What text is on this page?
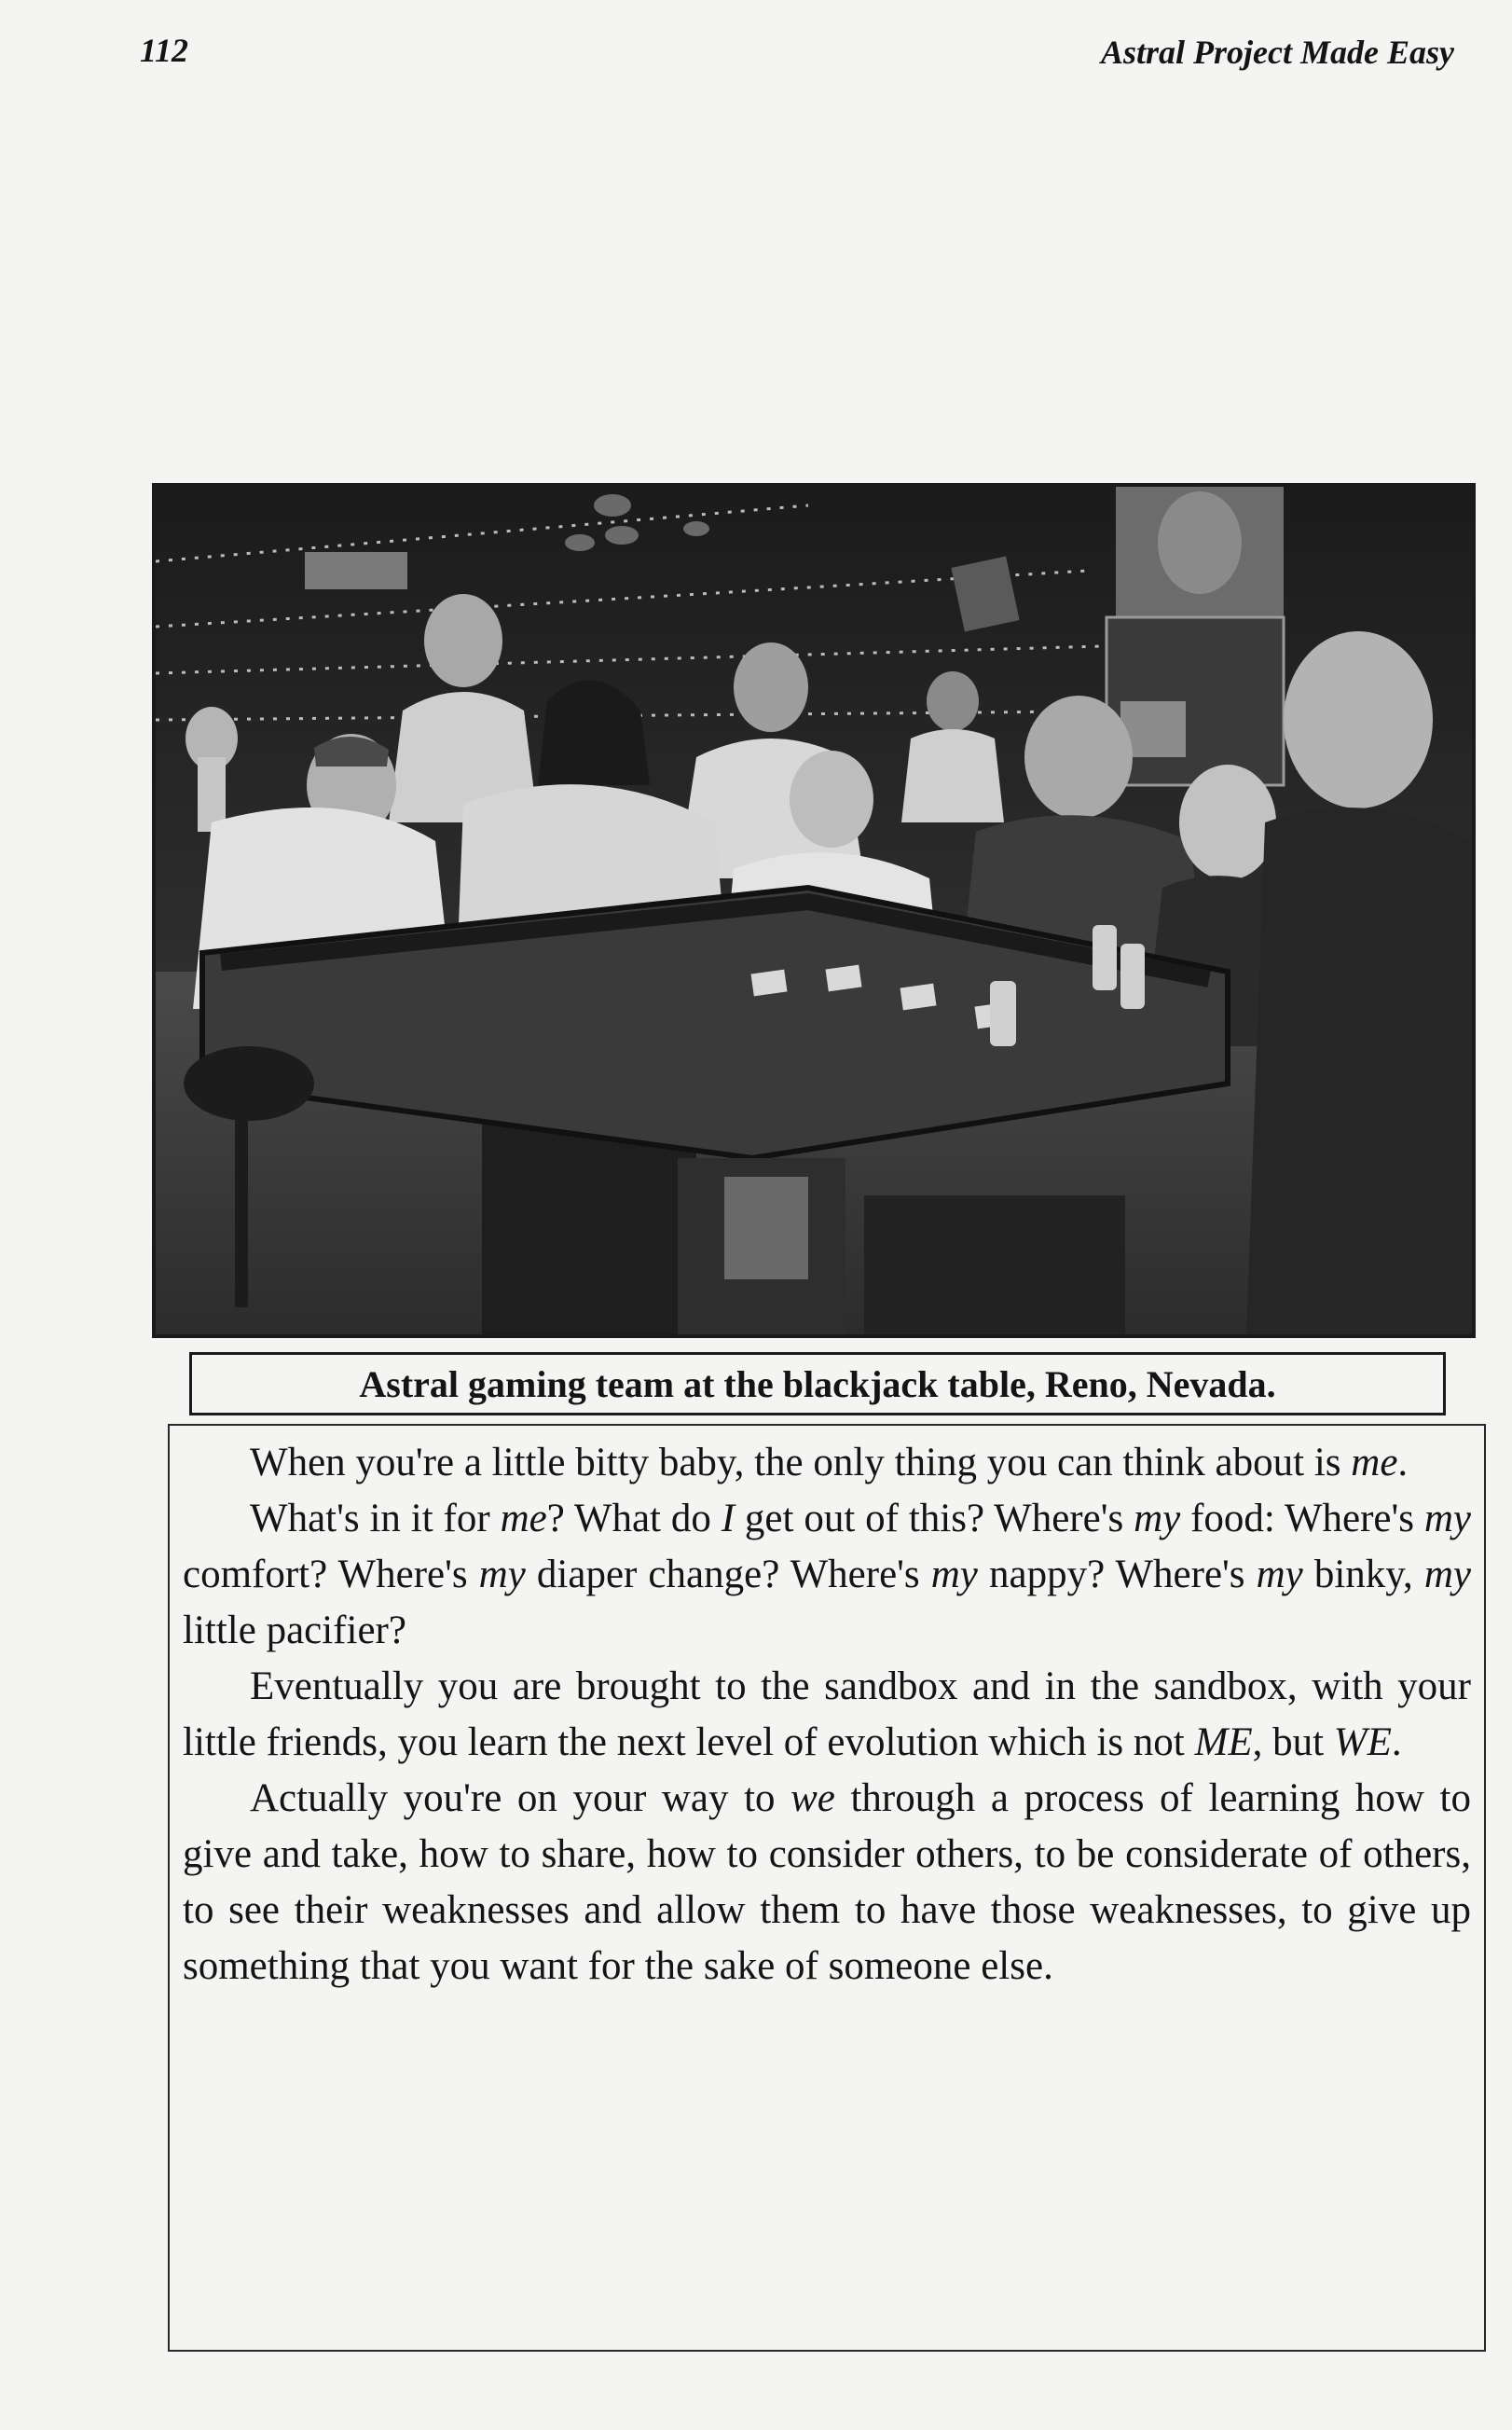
112	Astral Project Made Easy
Astral gaming team at the blackjack table, Reno, Nevada.

When you're a little bitty baby, the only thing you can think about is me.

What's in it for me? What do I get out of this? Where's my food: Where's my comfort? Where's my diaper change? Where's my nappy? Where's my binky, my little pacifier?

Eventually you are brought to the sandbox and in the sandbox, with your little friends, you learn the next level of evolution which is not ME, but WE.

Actually you're on your way to we through a process of learning how to give and take, how to share, how to consider others, to be considerate of others, to see their weaknesses and allow them to have those weaknesses, to give up something that you want for the sake of someone else.
